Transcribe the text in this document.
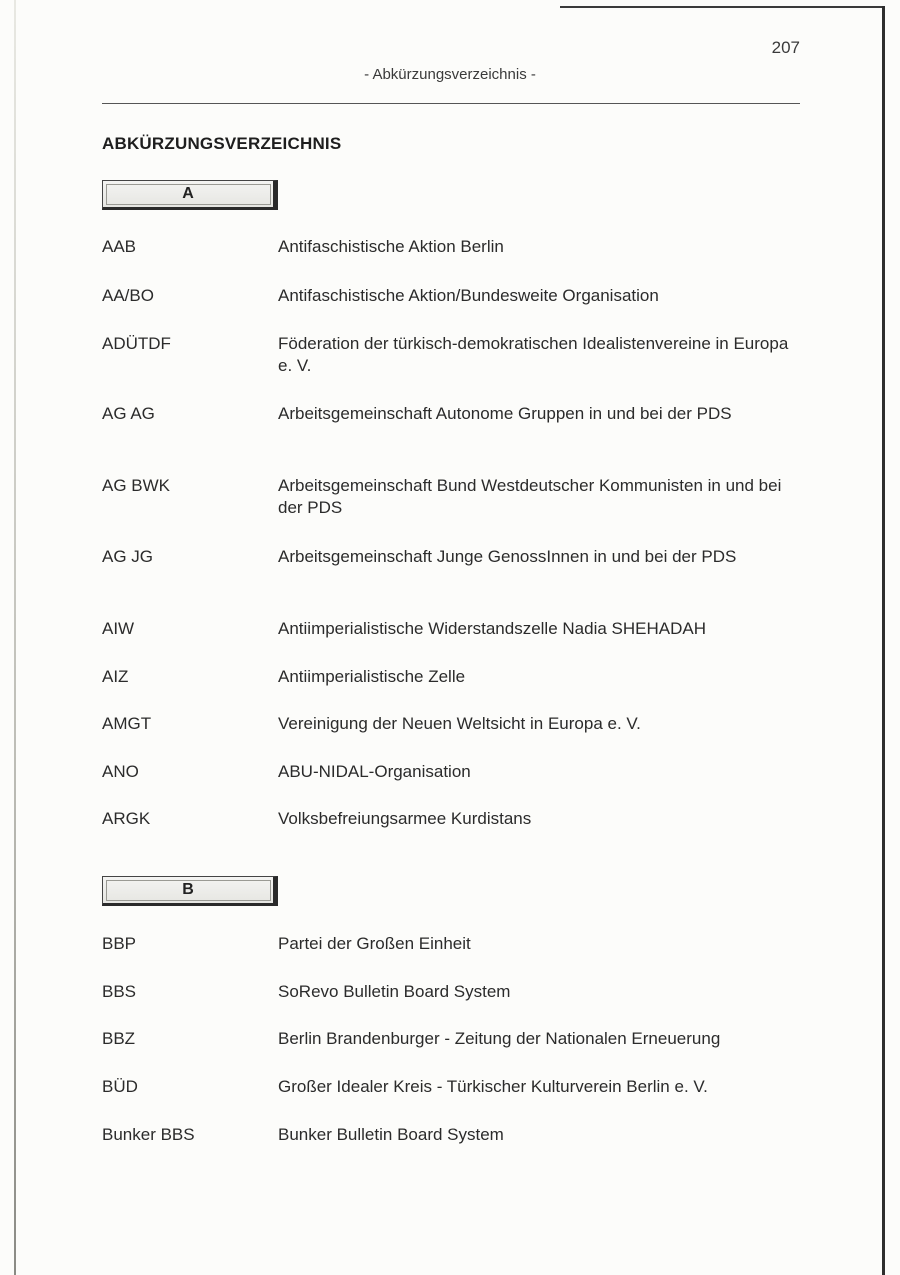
207
- Abkürzungsverzeichnis -
ABKÜRZUNGSVERZEICHNIS
A
AAB	Antifaschistische Aktion Berlin
AA/BO	Antifaschistische Aktion/Bundesweite Organisation
ADÜTDF	Föderation der türkisch-demokratischen Idealistenvereine in Europa e. V.
AG AG	Arbeitsgemeinschaft Autonome Gruppen in und bei der PDS
AG BWK	Arbeitsgemeinschaft Bund Westdeutscher Kommunisten in und bei der PDS
AG JG	Arbeitsgemeinschaft Junge GenossInnen in und bei der PDS
AIW	Antiimperialistische Widerstandszelle Nadia SHEHADAH
AIZ	Antiimperialistische Zelle
AMGT	Vereinigung der Neuen Weltsicht in Europa e. V.
ANO	ABU-NIDAL-Organisation
ARGK	Volksbefreiungsarmee Kurdistans
B
BBP	Partei der Großen Einheit
BBS	SoRevo Bulletin Board System
BBZ	Berlin Brandenburger - Zeitung der Nationalen Erneuerung
BÜD	Großer Idealer Kreis - Türkischer Kulturverein Berlin e. V.
Bunker BBS	Bunker Bulletin Board System
